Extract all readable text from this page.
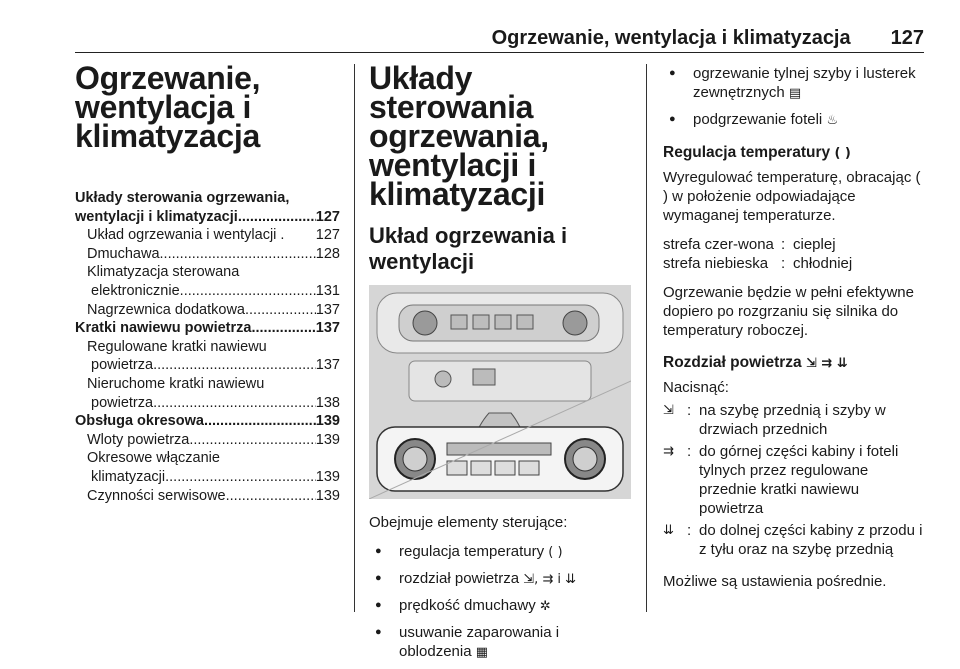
Ogrzewanie, wentylacja i klimatyzacja 127
Ogrzewanie,
wentylacja i
klimatyzacja
Układy sterowania ogrzewania,
wentylacji i klimatyzacji .....	127
Układ ogrzewania i wentylacji . 127
Dmuchawa .....	128
Klimatyzacja sterowana
elektronicznie .....	131
Nagrzewnica dodatkowa .....	137
Kratki nawiewu powietrza .....	137
Regulowane kratki nawiewu
powietrza .....	137
Nieruchome kratki nawiewu
powietrza .....	138
Obsługa okresowa .....	139
Wloty powietrza .....	139
Okresowe włączanie
klimatyzacji .....	139
Czynności serwisowe .....	139
Układy sterowania
ogrzewania, wentylacji i
klimatyzacji
Układ ogrzewania i
wentylacji

Obejmuje elementy sterujące:

●	regulacja temperatury ( )
●	rozdział powietrza ⇲, ⇉ i ⇊
●	prędkość dmuchawy ✲
●	usuwanie zaparowania i oblodzenia ▦
●	ogrzewanie tylnej szyby i lusterek zewnętrznych ▤
●	podgrzewanie foteli ♨
Regulacja temperatury ( )

Wyregulować temperaturę, obracając ( ) w położenie odpowiadające wymaganej temperaturze.

strefa czer-wona : cieplej
strefa niebieska : chłodniej

Ogrzewanie będzie w pełni efektywne dopiero po rozgrzaniu się silnika do temperatury roboczej.

Rozdział powietrza ⇲ ⇉ ⇊

Nacisnąć:

⇲ : na szybę przednią i szyby w drzwiach przednich
⇉ : do górnej części kabiny i foteli tylnych przez regulowane przednie kratki nawiewu powietrza
⇊ : do dolnej części kabiny z przodu i z tyłu oraz na szybę przednią

Możliwe są ustawienia pośrednie.
